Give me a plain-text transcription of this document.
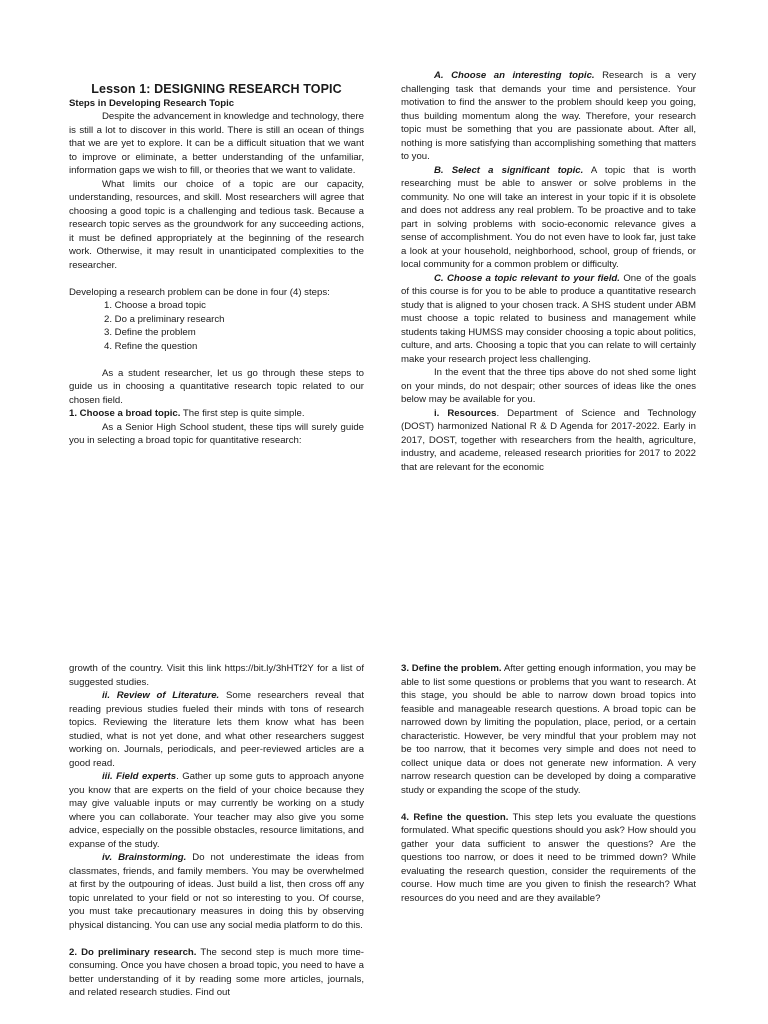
Lesson 1: DESIGNING RESEARCH TOPIC

Steps in Developing Research Topic

Despite the advancement in knowledge and technology, there is still a lot to discover in this world. There is still an ocean of things that we are yet to explore. It can be a difficult situation that we want to improve or eliminate, a better understanding of the unfamiliar, information gaps we wish to fill, or theories that we want to validate.

What limits our choice of a topic are our capacity, understanding, resources, and skill. Most researchers will agree that choosing a good topic is a challenging and tedious task. Because a research topic serves as the groundwork for any succeeding actions, it must be defined appropriately at the beginning of the research work. Otherwise, it may result in unanticipated complexities to the researcher.

Developing a research problem can be done in four (4) steps:

1. Choose a broad topic
2. Do a preliminary research
3. Define the problem
4. Refine the question

As a student researcher, let us go through these steps to guide us in choosing a quantitative research topic related to our chosen field.

1. Choose a broad topic. The first step is quite simple.

As a Senior High School student, these tips will surely guide you in selecting a broad topic for quantitative research:

A. Choose an interesting topic. Research is a very challenging task that demands your time and persistence. Your motivation to find the answer to the problem should keep you going, thus building momentum along the way. Therefore, your research topic must be something that you are passionate about. After all, nothing is more satisfying than accomplishing something that matters to you.

B. Select a significant topic. A topic that is worth researching must be able to answer or solve problems in the community. No one will take an interest in your topic if it is obsolete and does not address any real problem. To be proactive and to take part in solving problems with socio-economic relevance gives a sense of accomplishment. You do not even have to look far, just take a look at your household, neighborhood, school, group of friends, or local community for a common problem or difficulty.

C. Choose a topic relevant to your field. One of the goals of this course is for you to be able to produce a quantitative research study that is aligned to your chosen track. A SHS student under ABM must choose a topic related to business and management while students taking HUMSS may consider choosing a topic about politics, culture, and arts. Choosing a topic that you can relate to will certainly make your research project less challenging.

In the event that the three tips above do not shed some light on your minds, do not despair; other sources of ideas like the ones below may be available for you.

i. Resources. Department of Science and Technology (DOST) harmonized National R & D Agenda for 2017-2022. Early in 2017, DOST, together with researchers from the health, agriculture, industry, and academe, released research priorities for 2017 to 2022 that are relevant for the economic

growth of the country. Visit this link https://bit.ly/3hHTf2Y for a list of suggested studies.

ii. Review of Literature. Some researchers reveal that reading previous studies fueled their minds with tons of research topics. Reviewing the literature lets them know what has been studied, what is not yet done, and what other researchers suggest working on. Journals, periodicals, and peer-reviewed articles are a good read.

iii. Field experts. Gather up some guts to approach anyone you know that are experts on the field of your choice because they may give valuable inputs or may currently be working on a study where you can collaborate. Your teacher may also give you some advice, especially on the possible obstacles, resource limitations, and expanse of the study.

iv. Brainstorming. Do not underestimate the ideas from classmates, friends, and family members. You may be overwhelmed at first by the outpouring of ideas. Just build a list, then cross off any topic unrelated to your field or not so interesting to you. Of course, you must take precautionary measures in doing this by observing physical distancing. You can use any social media platform to do this.

2. Do preliminary research. The second step is much more time-consuming. Once you have chosen a broad topic, you need to have a better understanding of it by reading some more articles, journals, and related research studies. Find out

3. Define the problem. After getting enough information, you may be able to list some questions or problems that you want to research. At this stage, you should be able to narrow down broad topics into feasible and manageable research questions. A broad topic can be narrowed down by limiting the population, place, period, or a certain characteristic. However, be very mindful that your problem may not be too narrow, that it becomes very simple and does not need to collect unique data or does not generate new information. A very narrow research question can be developed by doing a comparative study or expanding the scope of the study.

4. Refine the question. This step lets you evaluate the questions formulated. What specific questions should you ask? How should you gather your data sufficient to answer the questions? Are the questions too narrow, or does it need to be trimmed down? While evaluating the research question, consider the requirements of the course. How much time are you given to finish the research? What resources do you need and are they available?
